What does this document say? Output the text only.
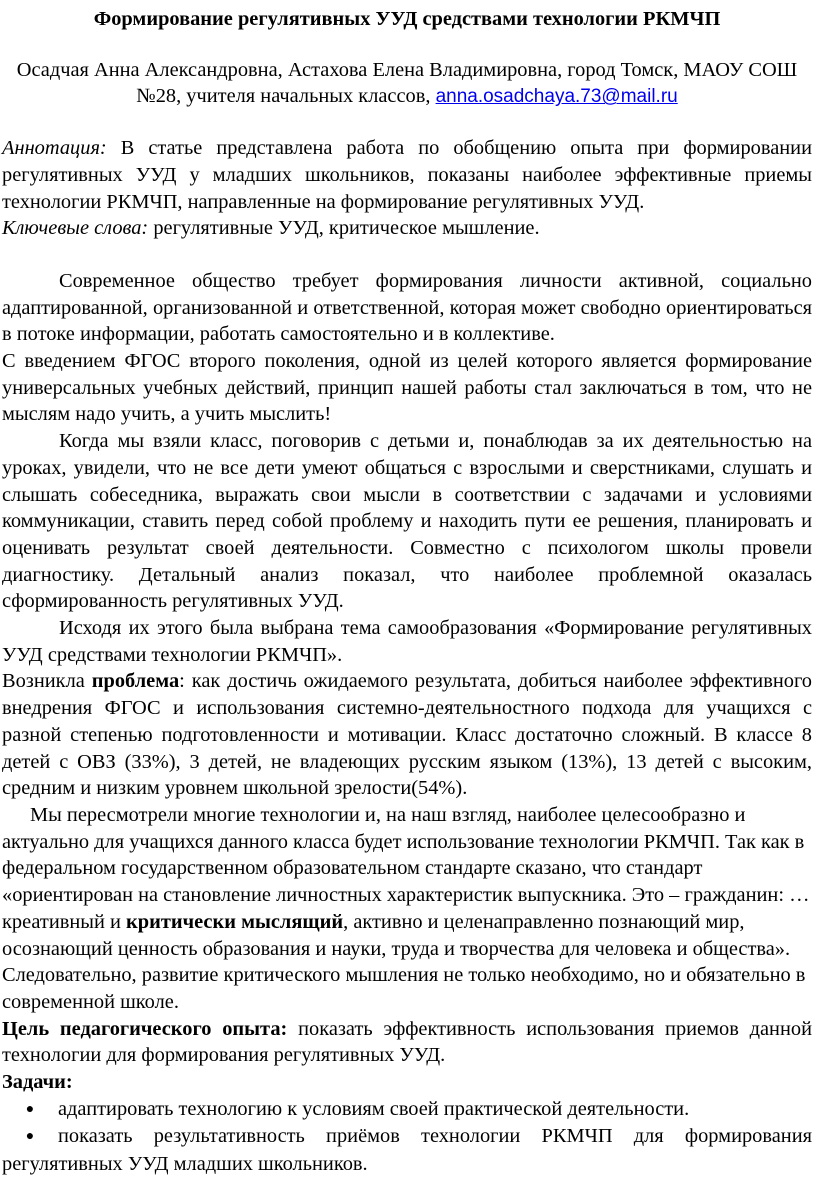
Формирование регулятивных УУД средствами технологии РКМЧП

Осадчая Анна Александровна, Астахова Елена Владимировна, город Томск, МАОУ СОШ №28, учителя начальных классов, anna.osadchaya.73@mail.ru

Аннотация: В статье представлена работа по обобщению опыта при формировании регулятивных УУД у младших школьников, показаны наиболее эффективные приемы технологии РКМЧП, направленные на формирование регулятивных УУД.

Ключевые слова: регулятивные УУД, критическое мышление.

Современное общество требует формирования личности активной, социально адаптированной, организованной и ответственной, которая может свободно ориентироваться в потоке информации, работать самостоятельно и в коллективе.

С введением ФГОС второго поколения, одной из целей которого является формирование универсальных учебных действий, принцип нашей работы стал заключаться в том, что не мыслям надо учить, а учить мыслить!

Когда мы взяли класс, поговорив с детьми и, понаблюдав за их деятельностью на уроках, увидели, что не все дети умеют общаться с взрослыми и сверстниками, слушать и слышать собеседника, выражать свои мысли в соответствии с задачами и условиями коммуникации, ставить перед собой проблему и находить пути ее решения, планировать и оценивать результат своей деятельности. Совместно с психологом школы провели диагностику. Детальный анализ показал, что наиболее проблемной оказалась сформированность регулятивных УУД.

Исходя их этого была выбрана тема самообразования «Формирование регулятивных УУД средствами технологии РКМЧП».

Возникла проблема: как достичь ожидаемого результата, добиться наиболее эффективного внедрения ФГОС и использования системно-деятельностного подхода для учащихся с разной степенью подготовленности и мотивации. Класс достаточно сложный. В классе 8 детей с ОВЗ (33%), 3 детей, не владеющих русским языком (13%), 13 детей с высоким, средним и низким уровнем школьной зрелости(54%).

Мы пересмотрели многие технологии и, на наш взгляд, наиболее целесообразно и актуально для учащихся данного класса будет использование технологии РКМЧП. Так как в федеральном государственном образовательном стандарте сказано, что стандарт «ориентирован на становление личностных характеристик выпускника. Это – гражданин: … креативный и критически мыслящий, активно и целенаправленно познающий мир, осознающий ценность образования и науки, труда и творчества для человека и общества». Следовательно, развитие критического мышления не только необходимо, но и обязательно в современной школе.

Цель педагогического опыта: показать эффективность использования приемов данной технологии для формирования регулятивных УУД.

Задачи:

● адаптировать технологию к условиям своей практической деятельности.
● показать результативность приёмов технологии РКМЧП для формирования регулятивных УУД младших школьников.
